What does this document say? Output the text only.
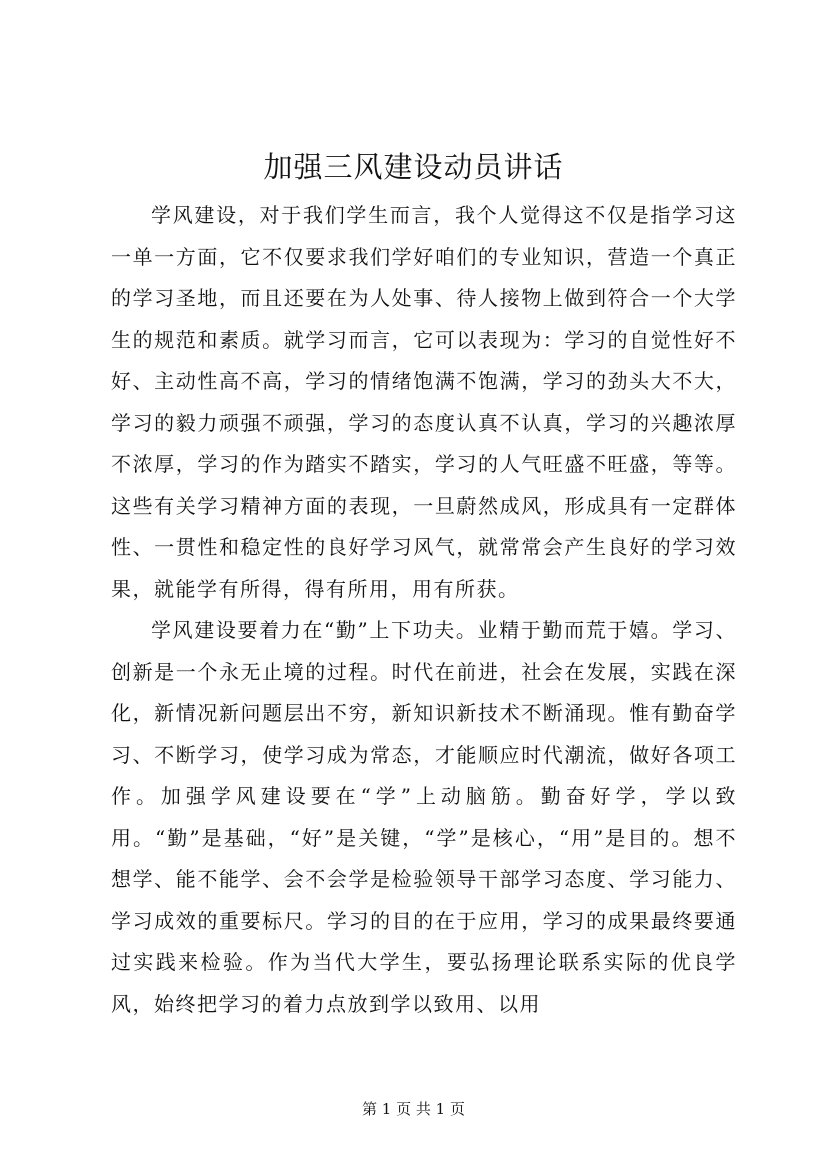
加强三风建设动员讲话

学风建设，对于我们学生而言，我个人觉得这不仅是指学习这一单一方面，它不仅要求我们学好咱们的专业知识，营造一个真正的学习圣地，而且还要在为人处事、待人接物上做到符合一个大学生的规范和素质。就学习而言，它可以表现为：学习的自觉性好不好、主动性高不高，学习的情绪饱满不饱满，学习的劲头大不大，学习的毅力顽强不顽强，学习的态度认真不认真，学习的兴趣浓厚不浓厚，学习的作为踏实不踏实，学习的人气旺盛不旺盛，等等。这些有关学习精神方面的表现，一旦蔚然成风，形成具有一定群体性、一贯性和稳定性的良好学习风气，就常常会产生良好的学习效果，就能学有所得，得有所用，用有所获。

学风建设要着力在“勤”上下功夫。业精于勤而荒于嬉。学习、创新是一个永无止境的过程。时代在前进，社会在发展，实践在深化，新情况新问题层出不穷，新知识新技术不断涌现。惟有勤奋学习、不断学习，使学习成为常态，才能顺应时代潮流，做好各项工作。加强学风建设要在“学”上动脑筋。勤奋好学，学以致用。“勤”是基础，“好”是关键，“学”是核心，“用”是目的。想不想学、能不能学、会不会学是检验领导干部学习态度、学习能力、学习成效的重要标尺。学习的目的在于应用，学习的成果最终要通过实践来检验。作为当代大学生，要弘扬理论联系实际的优良学风，始终把学习的着力点放到学以致用、以用

第 1 页 共 1 页
